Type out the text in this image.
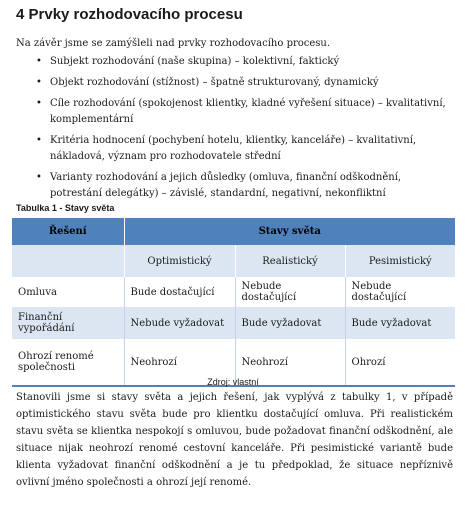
4 Prvky rozhodovacího procesu
Na závěr jsme se zamýšleli nad prvky rozhodovacího procesu.
• Subjekt rozhodování (naše skupina) – kolektivní, faktický
• Objekt rozhodování (stížnost) – špatně strukturovaný, dynamický
• Cíle rozhodování (spokojenost klientky, kladné vyřešení situace) – kvalitativní, komplementární
• Kritéria hodnocení (pochybení hotelu, klientky, kanceláře) – kvalitativní, nákladová, význam pro rozhodovatele střední
• Varianty rozhodování a jejich důsledky (omluva, finanční odškodnění, potrestání delegátky) – závislé, standardní, negativní, nekonfliktní
Tabulka 1 - Stavy světa
Řešení	Stavy světa		
	Optimistický	Realistický	Pesimistický
Omluva	Bude dostačující	Nebude dostačující	Nebude dostačující
Finanční vypořádání	Nebude vyžadovat	Bude vyžadovat	Bude vyžadovat
Ohrozí renomé společnosti	Neohrozí	Neohrozí	Ohrozí
Zdroj: vlastní
Stanovili jsme si stavy světa a jejich řešení, jak vyplývá z tabulky 1, v případě optimistického stavu světa bude pro klientku dostačující omluva. Při realistickém stavu světa se klientka nespokojí s omluvou, bude požadovat finanční odškodnění, ale situace nijak neohrozí renomé cestovní kanceláře. Při pesimistické variantě bude klienta vyžadovat finanční odškodnění a je tu předpoklad, že situace nepříznivě ovlivní jméno společnosti a ohrozí její renomé.
